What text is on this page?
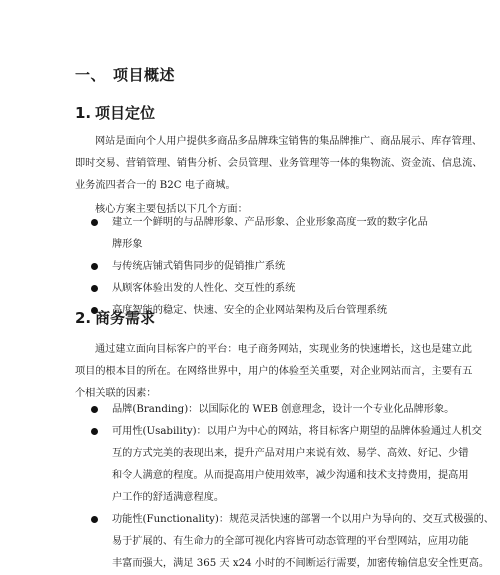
一、 项目概述
1. 项目定位
网站是面向个人用户提供多商品多品牌珠宝销售的集品牌推广、商品展示、库存管理、
即时交易、营销管理、销售分析、会员管理、业务管理等一体的集物流、资金流、信息流、
业务流四者合一的 B2C 电子商城。
核心方案主要包括以下几个方面：
建立一个鲜明的与品牌形象、产品形象、企业形象高度一致的数字化品牌形象
与传统店铺式销售同步的促销推广系统
从顾客体验出发的人性化、交互性的系统
高度智能的稳定、快速、安全的企业网站架构及后台管理系统
2. 商务需求
通过建立面向目标客户的平台：电子商务网站，实现业务的快速增长，这也是建立此
项目的根本目的所在。在网络世界中，用户的体验至关重要，对企业网站而言，主要有五
个相关联的因素：
品牌(Branding)：以国际化的 WEB 创意理念，设计一个专业化品牌形象。
可用性(Usability)：以用户为中心的网站，将目标客户期望的品牌体验通过人机交
互的方式完美的表现出来，提升产品对用户来说有效、易学、高效、好记、少错
和令人满意的程度。从而提高用户使用效率，减少沟通和技术支持费用，提高用
户工作的舒适满意程度。
功能性(Functionality)：规范灵活快速的部署一个以用户为导向的、交互式极强的、
易于扩展的、有生命力的全部可视化内容皆可动态管理的平台型网站，应用功能
丰富而强大，满足 365 天 x24 小时的不间断运行需要，加密传输信息安全性更高。
